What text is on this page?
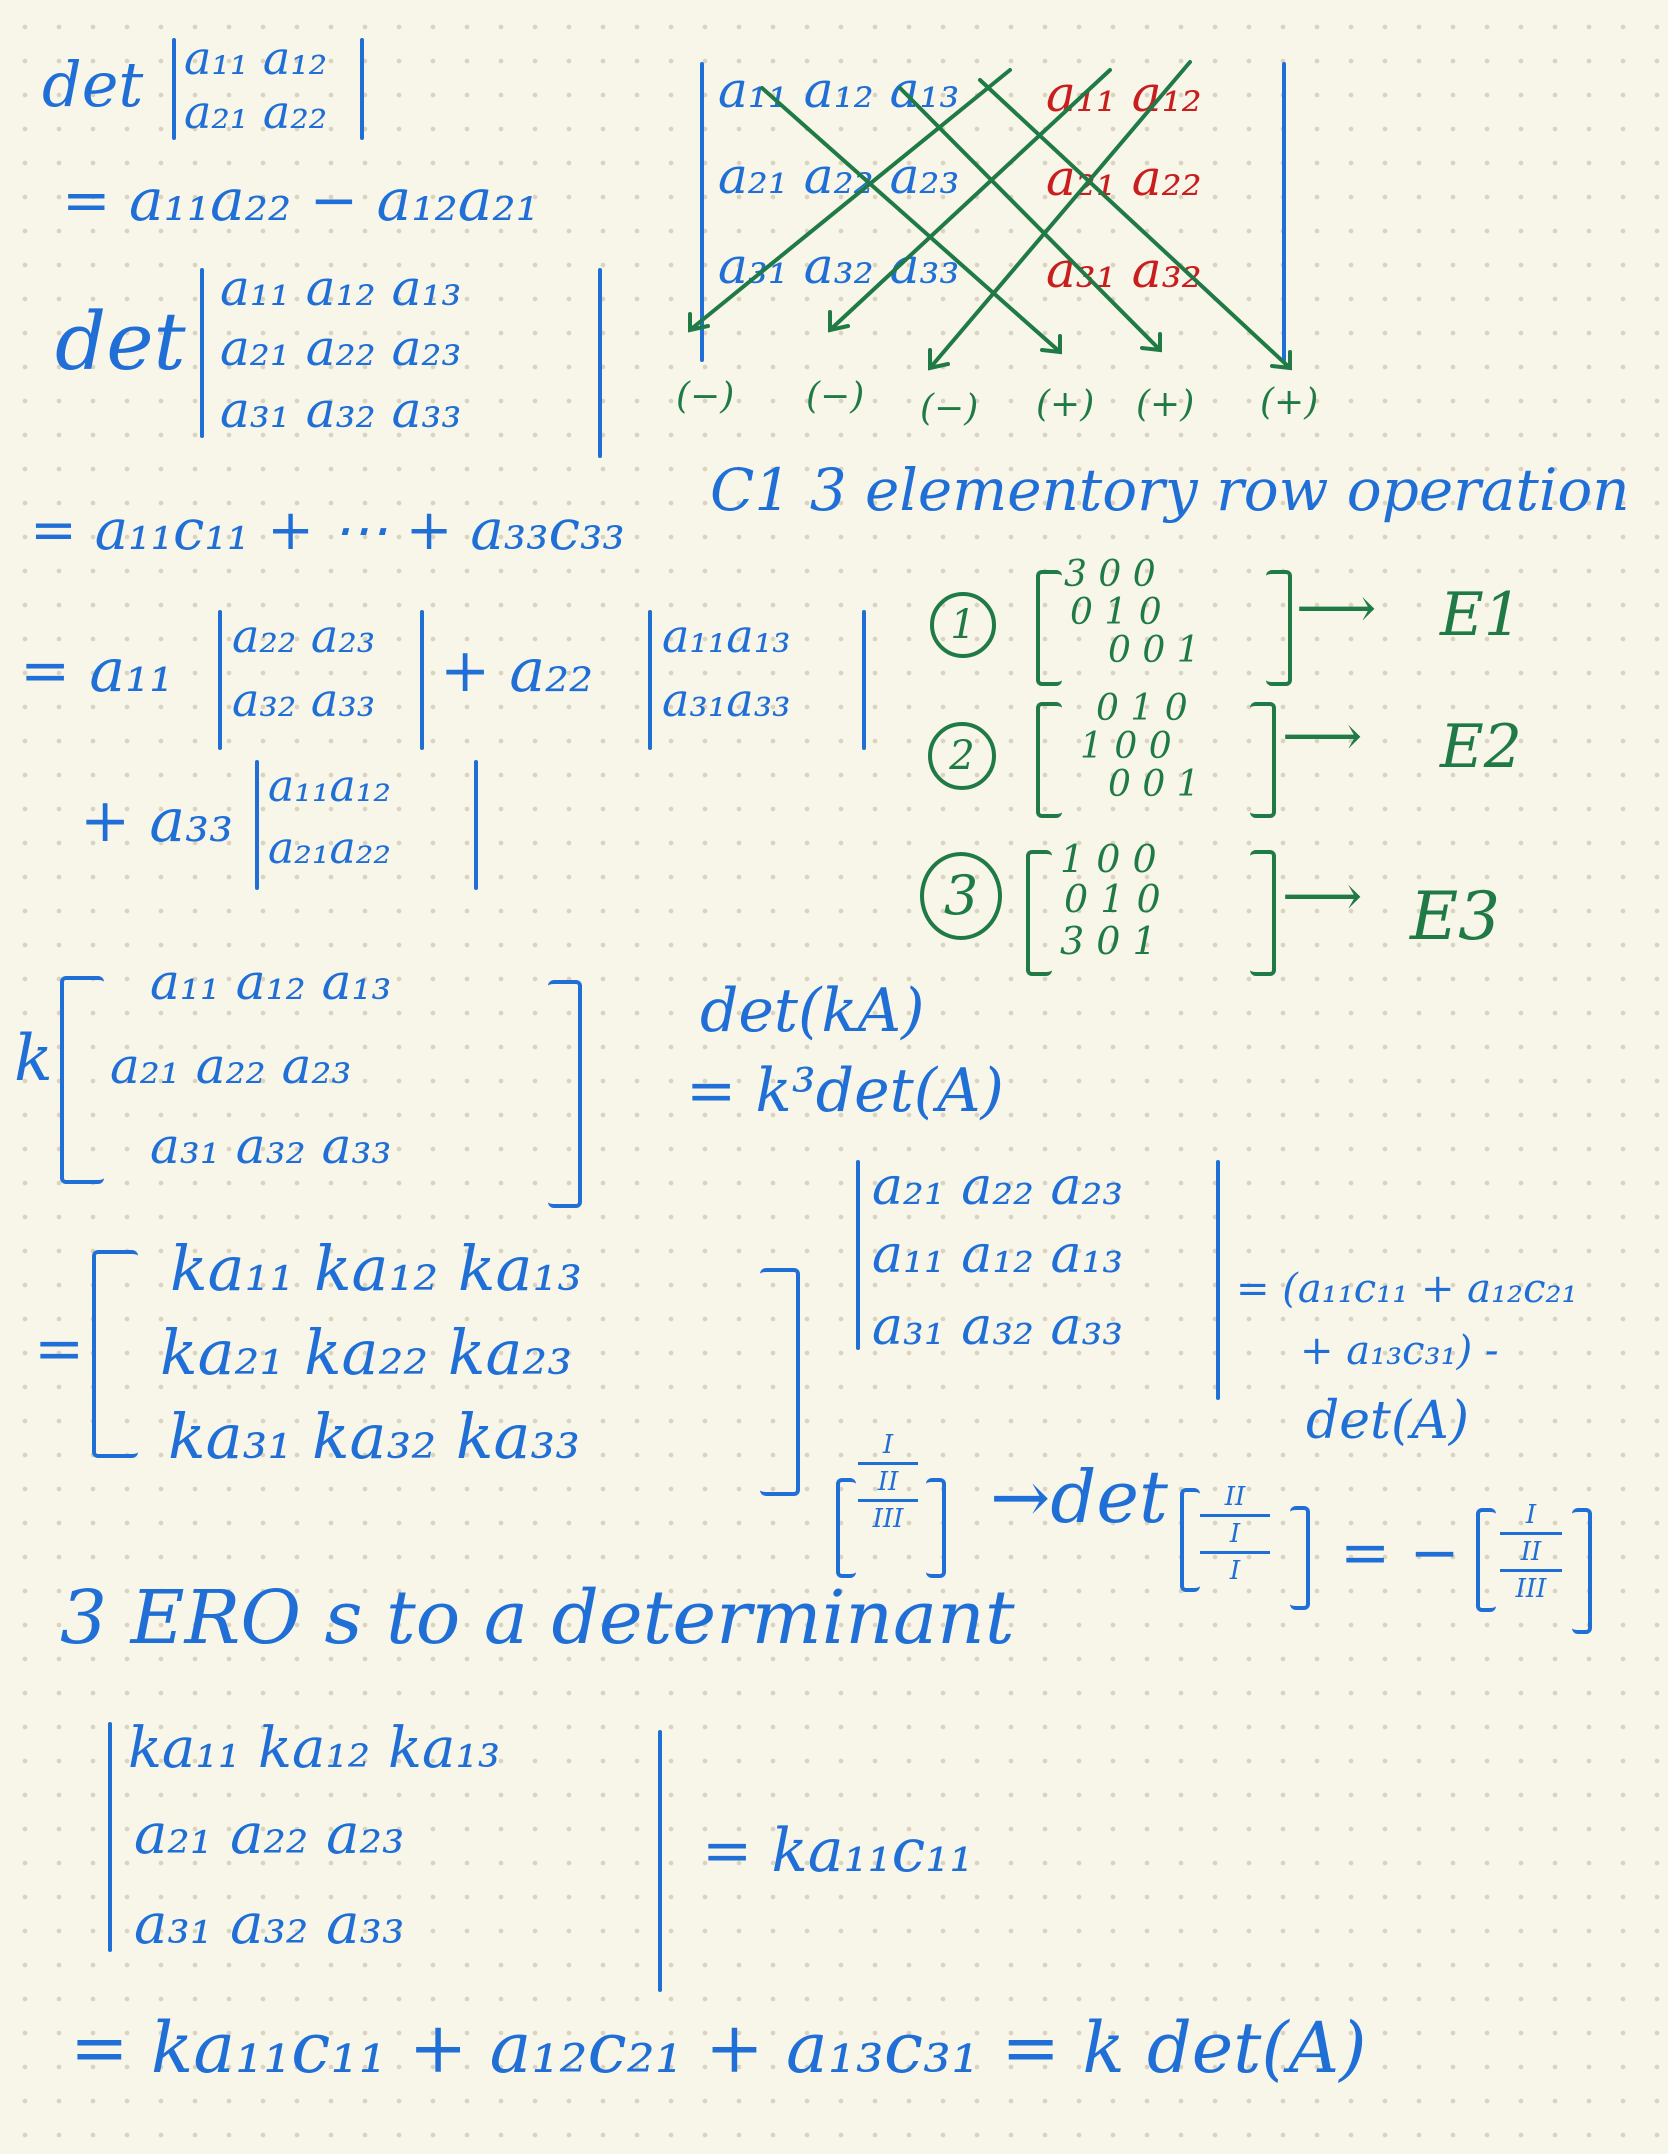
det a₁₁ a₁₂
a₂₁ a₂₂
= a₁₁a₂₂ − a₁₂a₂₁
det
a₁₁ a₁₂ a₁₃
a₂₁ a₂₂ a₂₃
a₃₁ a₃₂ a₃₃
= a₁₁c₁₁ + ⋯ + a₃₃c₃₃
= a₁₁ a₂₂ a₂₃
a₃₂ a₃₃ + a₂₂ a₁₁a₁₃
a₃₁a₃₃
+ a₃₃ a₁₁a₁₂
a₂₁a₂₂
a₁₁ a₁₂ a₁₃ a₁₁ a₁₂
a₂₁ a₂₂ a₂₃ a₂₁ a₂₂
a₃₁ a₃₂ a₃₃ a₃₁ a₃₂
(−) (−) (−) (+) (+) (+)
C1 3 elementory row operation
1
3 0 0
0 1 0
0 0 1
⟶ E1
2
0 1 0
1 0 0
0 0 1
⟶ E2
3
1 0 0
0 1 0
3 0 1
⟶ E3
k
a₁₁ a₁₂ a₁₃
a₂₁ a₂₂ a₂₃
a₃₁ a₃₂ a₃₃
det(kA)
= k³det(A)
=
ka₁₁ ka₁₂ ka₁₃
ka₂₁ ka₂₂ ka₂₃
ka₃₁ ka₃₂ ka₃₃
a₂₁ a₂₂ a₂₃
a₁₁ a₁₂ a₁₃
a₃₁ a₃₂ a₃₃
= (a₁₁c₁₁ + a₁₂c₂₁
+ a₁₃c₃₁) -
det(A)
I
II
III →det	II
I
I	= −
I
II
III
3 ERO s to a determinant
ka₁₁ ka₁₂ ka₁₃
a₂₁ a₂₂ a₂₃
a₃₁ a₃₂ a₃₃
= ka₁₁c₁₁
= ka₁₁c₁₁ + a₁₂c₂₁ + a₁₃c₃₁ = k det(A)
